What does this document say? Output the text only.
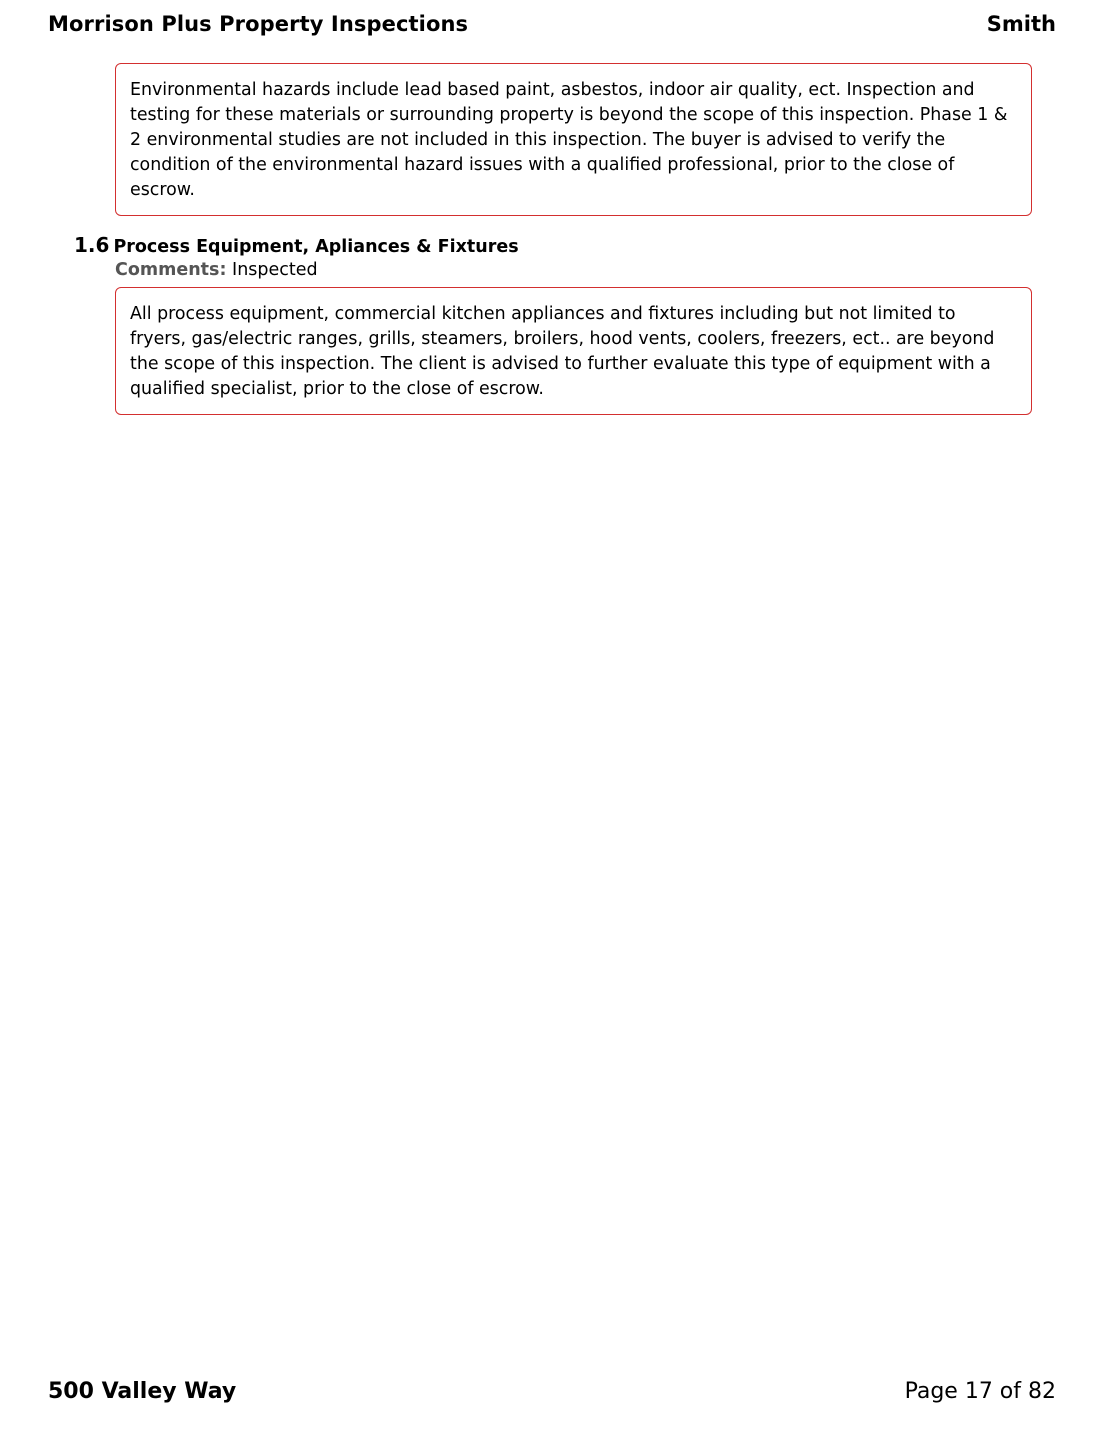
Morrison Plus Property Inspections	Smith
Environmental hazards include lead based paint, asbestos, indoor air quality, ect. Inspection and testing for these materials or surrounding property is beyond the scope of this inspection. Phase 1 & 2 environmental studies are not included in this inspection. The buyer is advised to verify the condition of the environmental hazard issues with a qualified professional, prior to the close of escrow.
1.6 Process Equipment, Apliances & Fixtures
Comments: Inspected
All process equipment, commercial kitchen appliances and fixtures including but not limited to fryers, gas/electric ranges, grills, steamers, broilers, hood vents, coolers, freezers, ect.. are beyond the scope of this inspection. The client is advised to further evaluate this type of equipment with a qualified specialist, prior to the close of escrow.
500 Valley Way	Page 17 of 82
